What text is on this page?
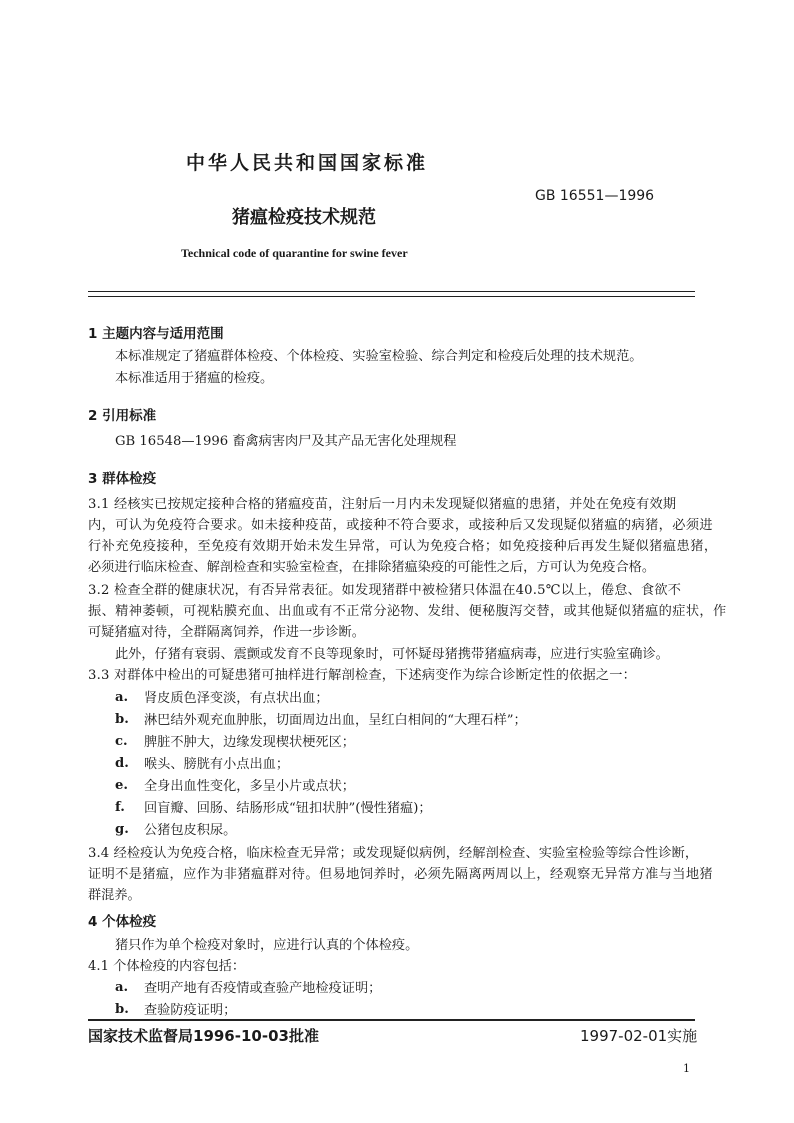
中华人民共和国国家标准
GB 16551—1996
猪瘟检疫技术规范
Technical code of quarantine for swine fever
1 主题内容与适用范围
本标准规定了猪瘟群体检疫、个体检疫、实验室检验、综合判定和检疫后处理的技术规范。
本标准适用于猪瘟的检疫。
2 引用标准
GB 16548—1996 畜禽病害肉尸及其产品无害化处理规程
3 群体检疫
3.1 经核实已按规定接种合格的猪瘟疫苗，注射后一月内未发现疑似猪瘟的患猪，并处在免疫有效期
内，可认为免疫符合要求。如未接种疫苗，或接种不符合要求，或接种后又发现疑似猪瘟的病猪，必须进
行补充免疫接种，至免疫有效期开始未发生异常，可认为免疫合格；如免疫接种后再发生疑似猪瘟患猪，
必须进行临床检查、解剖检查和实验室检查，在排除猪瘟染疫的可能性之后，方可认为免疫合格。
3.2 检查全群的健康状况，有否异常表征。如发现猪群中被检猪只体温在40.5℃以上，倦怠、食欲不
振、精神萎顿，可视粘膜充血、出血或有不正常分泌物、发绀、便秘腹泻交替，或其他疑似猪瘟的症状，作
可疑猪瘟对待，全群隔离饲养，作进一步诊断。
此外，仔猪有衰弱、震颤或发育不良等现象时，可怀疑母猪携带猪瘟病毒，应进行实验室确诊。
3.3 对群体中检出的可疑患猪可抽样进行解剖检查，下述病变作为综合诊断定性的依据之一：
a. 肾皮质色泽变淡，有点状出血；
b. 淋巴结外观充血肿胀，切面周边出血，呈红白相间的“大理石样”；
c. 脾脏不肿大，边缘发现楔状梗死区；
d. 喉头、膀胱有小点出血；
e. 全身出血性变化，多呈小片或点状；
f. 回盲瓣、回肠、结肠形成“钮扣状肿”(慢性猪瘟)；
g. 公猪包皮积尿。
3.4 经检疫认为免疫合格，临床检查无异常；或发现疑似病例，经解剖检查、实验室检验等综合性诊断，
证明不是猪瘟，应作为非猪瘟群对待。但易地饲养时，必须先隔离两周以上，经观察无异常方准与当地猪
群混养。
4 个体检疫
猪只作为单个检疫对象时，应进行认真的个体检疫。
4.1 个体检疫的内容包括：
a. 查明产地有否疫情或查验产地检疫证明；
b. 查验防疫证明；
国家技术监督局1996-10-03批准	1997-02-01实施
1
